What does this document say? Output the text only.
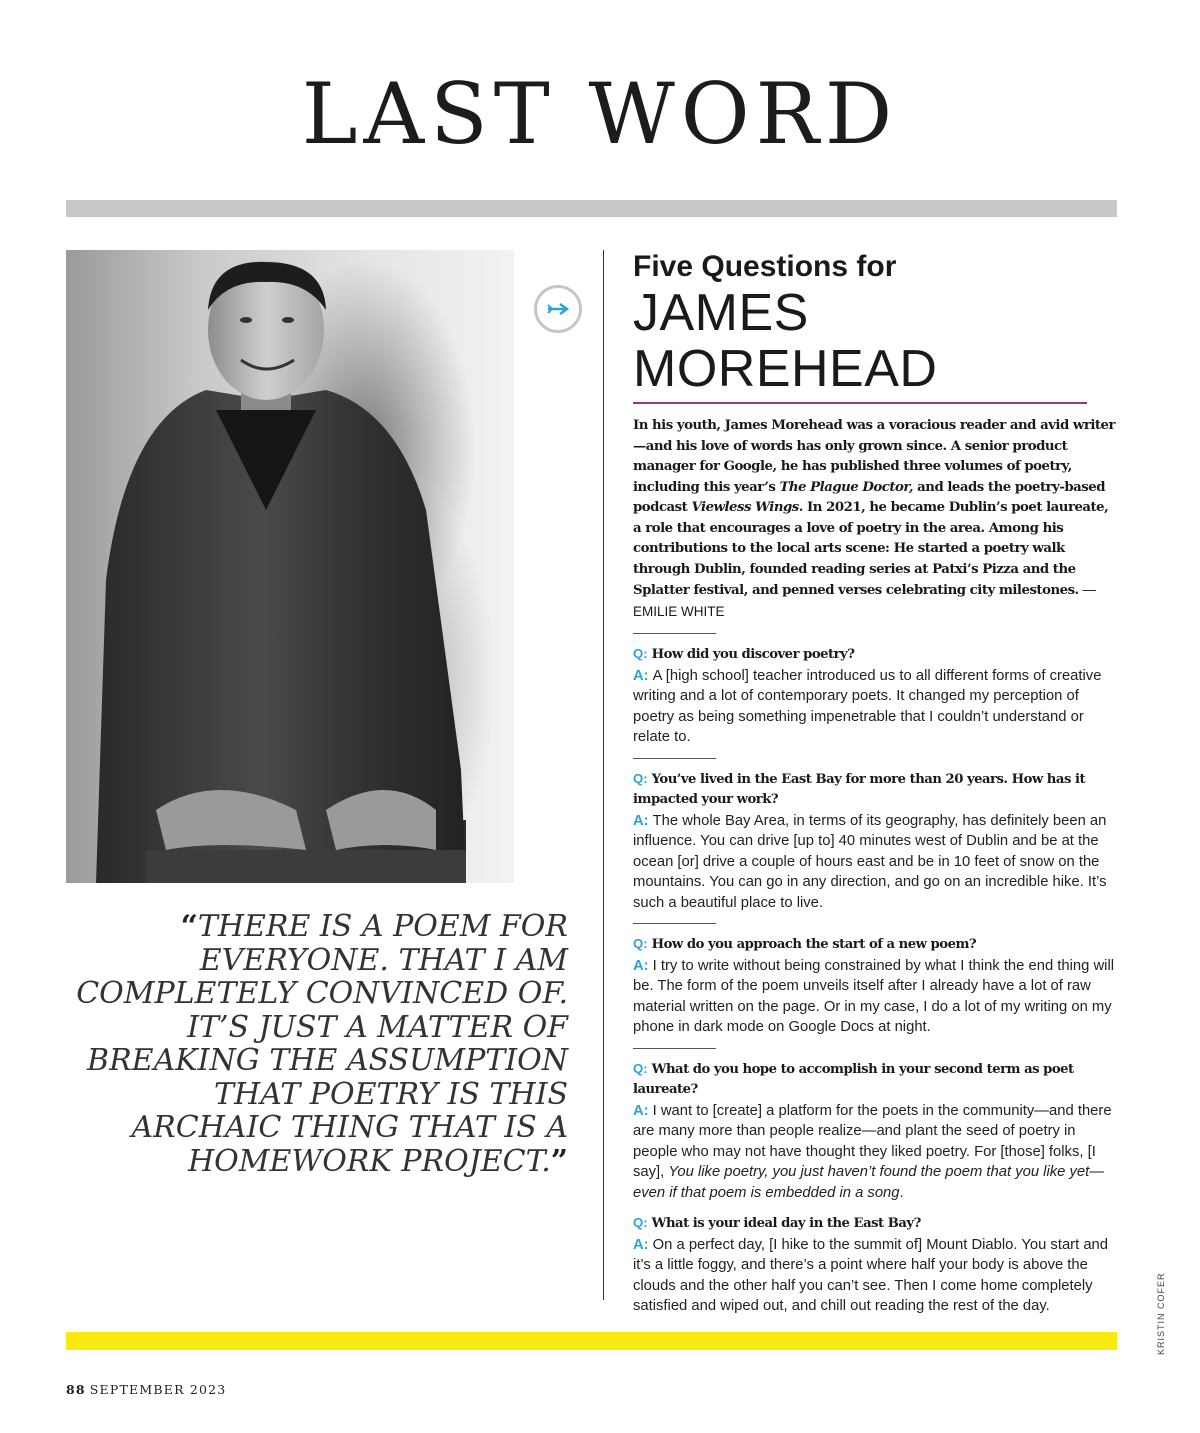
LAST WORD
“THERE IS A POEM FOR EVERYONE. THAT I AM COMPLETELY CONVINCED OF. IT’S JUST A MATTER OF BREAKING THE ASSUMPTION THAT POETRY IS THIS ARCHAIC THING THAT IS A HOMEWORK PROJECT.”
Five Questions for
JAMES
MOREHEAD

In his youth, James Morehead was a voracious reader and avid writer—and his love of words has only grown since. A senior product manager for Google, he has published three volumes of poetry, including this year’s The Plague Doctor, and leads the poetry-based podcast Viewless Wings. In 2021, he became Dublin’s poet laureate, a role that encourages a love of poetry in the area. Among his contributions to the local arts scene: He started a poetry walk through Dublin, founded reading series at Patxi’s Pizza and the Splatter festival, and penned verses celebrating city milestones. —EMILIE WHITE

Q: How did you discover poetry?

A: A [high school] teacher introduced us to all different forms of creative writing and a lot of contemporary poets. It changed my perception of poetry as being something impenetrable that I couldn’t understand or relate to.

Q: You’ve lived in the East Bay for more than 20 years. How has it impacted your work?

A: The whole Bay Area, in terms of its geography, has definitely been an influence. You can drive [up to] 40 minutes west of Dublin and be at the ocean [or] drive a couple of hours east and be in 10 feet of snow on the mountains. You can go in any direction, and go on an incredible hike. It’s such a beautiful place to live.

Q: How do you approach the start of a new poem?

A: I try to write without being constrained by what I think the end thing will be. The form of the poem unveils itself after I already have a lot of raw material written on the page. Or in my case, I do a lot of my writing on my phone in dark mode on Google Docs at night.

Q: What do you hope to accomplish in your second term as poet laureate?

A: I want to [create] a platform for the poets in the community—and there are many more than people realize—and plant the seed of poetry in people who may not have thought they liked poetry. For [those] folks, [I say], You like poetry, you just haven’t found the poem that you like yet—even if that poem is embedded in a song.

Q: What is your ideal day in the East Bay?

A: On a perfect day, [I hike to the summit of] Mount Diablo. You start and it’s a little foggy, and there’s a point where half your body is above the clouds and the other half you can’t see. Then I come home completely satisfied and wiped out, and chill out reading the rest of the day.	KRISTIN COFER
88 SEPTEMBER 2023
